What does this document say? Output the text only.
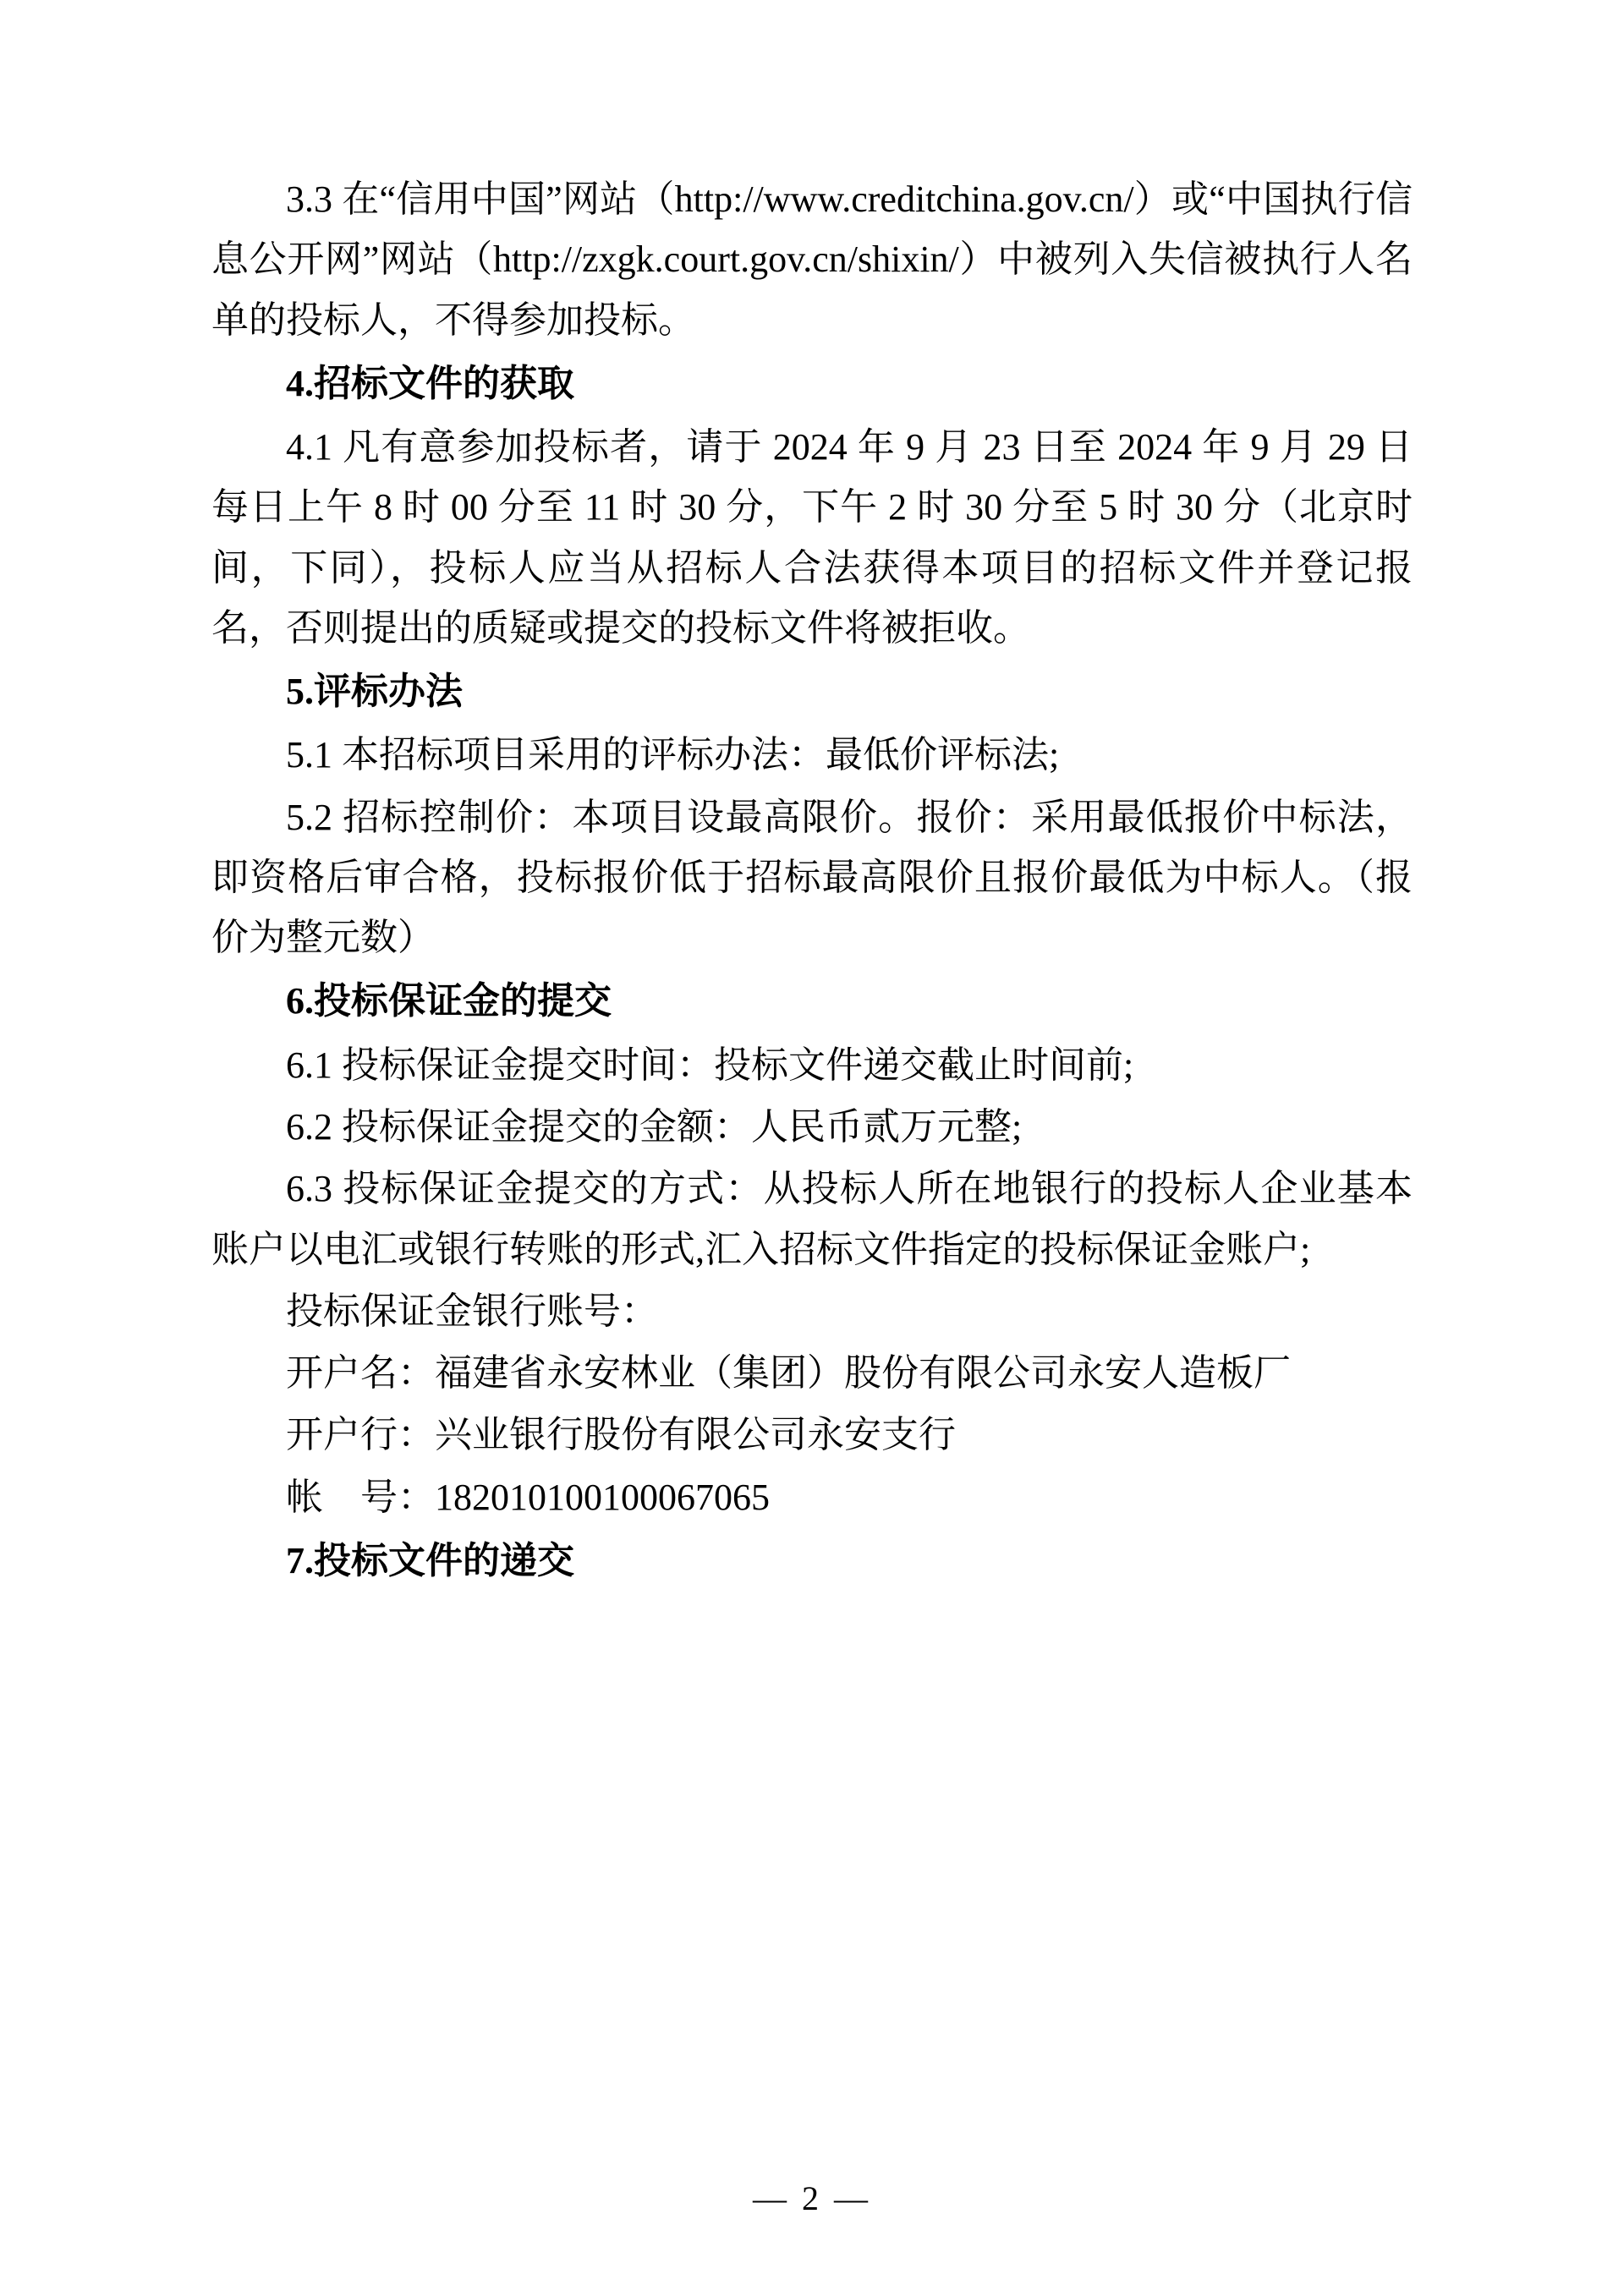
3.3 在“信用中国”网站（http://www.creditchina.gov.cn/）或“中国执行信息公开网”网站（http://zxgk.court.gov.cn/shixin/）中被列入失信被执行人名单的投标人，不得参加投标。

4.招标文件的获取

4.1 凡有意参加投标者，请于 2024 年 9 月 23 日至 2024 年 9 月 29 日每日上午 8 时 00 分至 11 时 30 分，下午 2 时 30 分至 5 时 30 分（北京时间，下同），投标人应当从招标人合法获得本项目的招标文件并登记报名，否则提出的质疑或提交的投标文件将被拒收。

5.评标办法

5.1 本招标项目采用的评标办法：最低价评标法;

5.2 招标控制价：本项目设最高限价。报价：采用最低报价中标法，即资格后审合格，投标报价低于招标最高限价且报价最低为中标人。（报价为整元数）

6.投标保证金的提交

6.1 投标保证金提交时间：投标文件递交截止时间前;

6.2 投标保证金提交的金额：人民币贰万元整;

6.3 投标保证金提交的方式：从投标人所在地银行的投标人企业基本账户以电汇或银行转账的形式,汇入招标文件指定的投标保证金账户;

投标保证金银行账号：

开户名：福建省永安林业（集团）股份有限公司永安人造板厂

开户行：兴业银行股份有限公司永安支行

帐　号：182010100100067065

7.投标文件的递交

— 2 —
